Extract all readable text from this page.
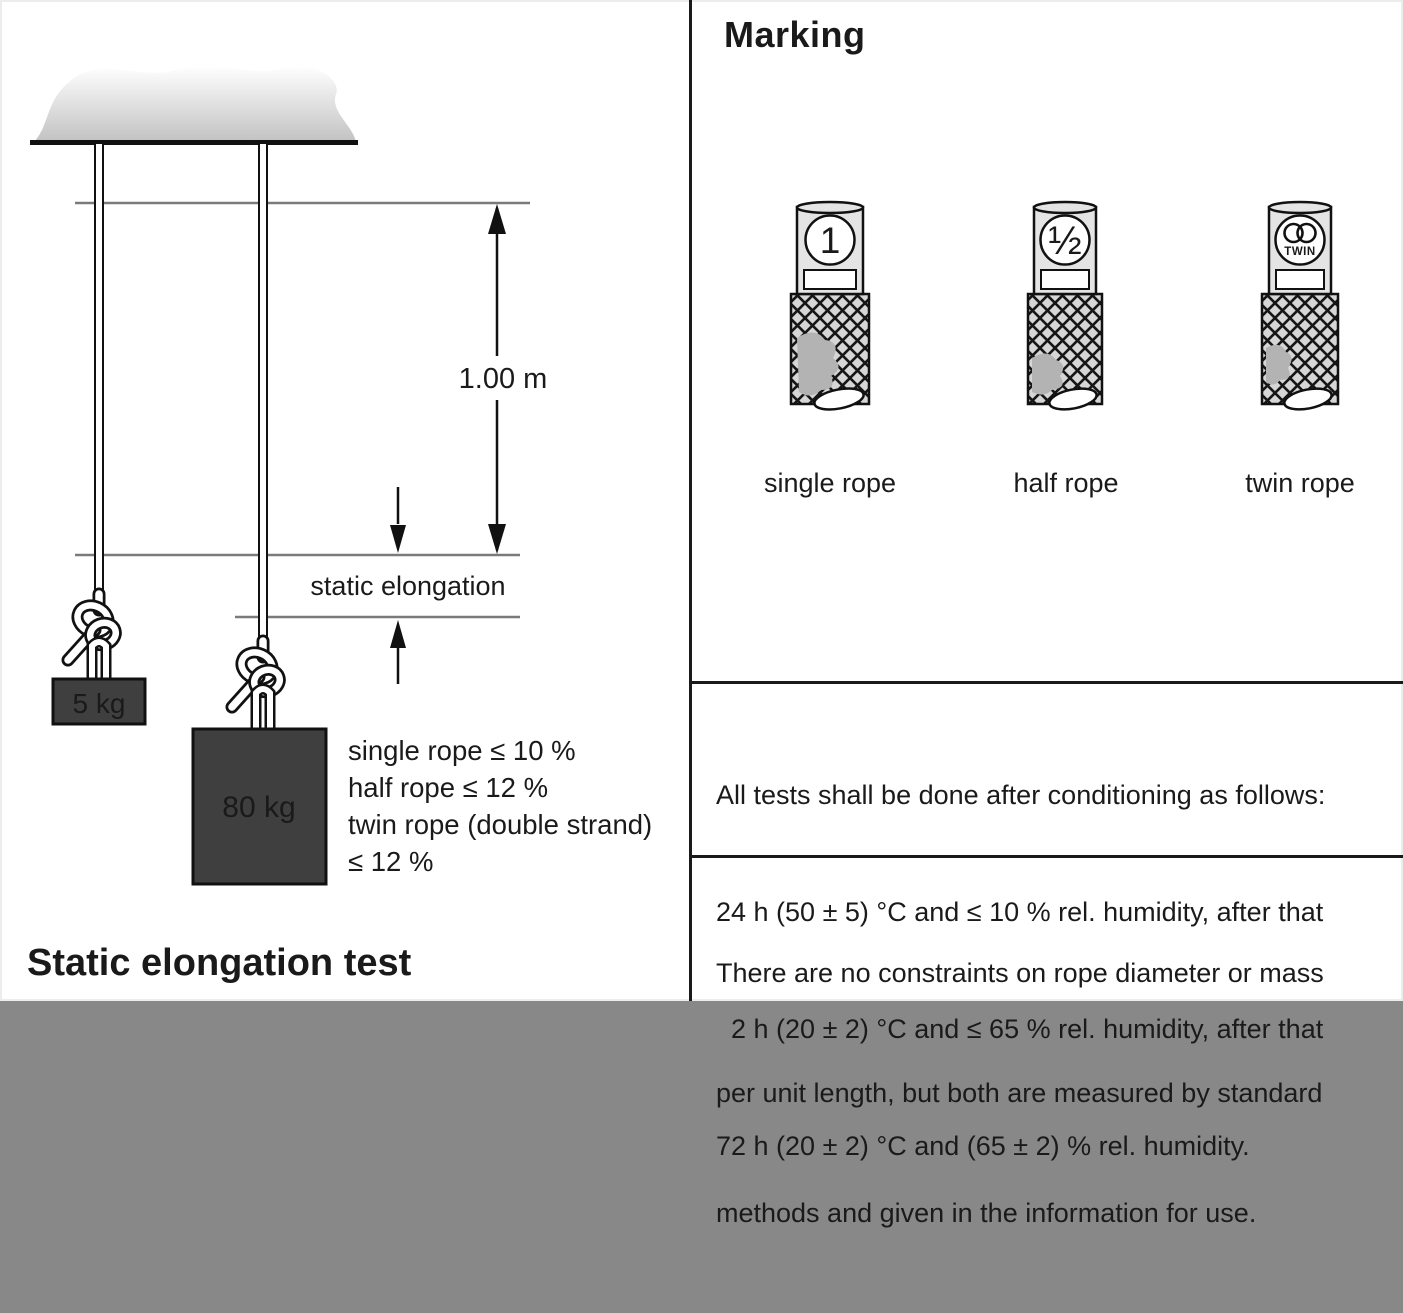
1.00 m
static elongation
5 kg
80 kg
single rope ≤ 10 %
half rope ≤ 12 %
twin rope (double strand)
≤ 12 %
Static elongation test
Marking
1	½	TWIN
single rope	half rope	twin rope

All tests shall be done after conditioning as follows:

24 h (50 ± 5) °C and ≤ 10 % rel. humidity, after that

2 h (20 ± 2) °C and ≤ 65 % rel. humidity, after that

72 h (20 ± 2) °C and (65 ± 2) % rel. humidity.

There are no constraints on rope diameter or mass

per unit length, but both are measured by standard

methods and given in the information for use.
